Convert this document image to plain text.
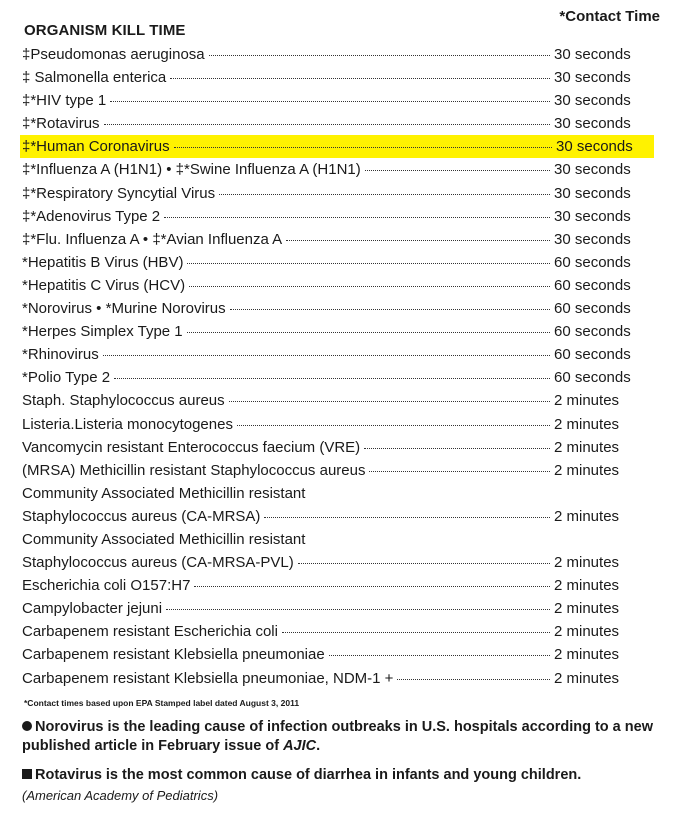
*Contact Time
ORGANISM KILL TIME
‡Pseudomonas aeruginosa	30 seconds
‡ Salmonella enterica	30 seconds
‡*HIV type 1	30 seconds
‡*Rotavirus	30 seconds
‡*Human Coronavirus	30 seconds
‡*Influenza A (H1N1) • ‡*Swine Influenza A (H1N1)	30 seconds
‡*Respiratory Syncytial Virus	30 seconds
‡*Adenovirus Type 2	30 seconds
‡*Flu. Influenza A • ‡*Avian Influenza A	30 seconds
*Hepatitis B Virus (HBV)	60 seconds
*Hepatitis C Virus (HCV)	60 seconds
*Norovirus • *Murine Norovirus	60 seconds
*Herpes Simplex Type 1	60 seconds
*Rhinovirus	60 seconds
*Polio Type 2	60 seconds
Staph. Staphylococcus aureus	2 minutes
Listeria.Listeria monocytogenes	2 minutes
Vancomycin resistant Enterococcus faecium (VRE)	2 minutes
(MRSA) Methicillin resistant Staphylococcus aureus	2 minutes
Community Associated Methicillin resistant
Staphylococcus aureus (CA-MRSA)	2 minutes
Community Associated Methicillin resistant
Staphylococcus aureus (CA-MRSA-PVL)	2 minutes
Escherichia coli O157:H7	2 minutes
Campylobacter jejuni	2 minutes
Carbapenem resistant Escherichia coli	2 minutes
Carbapenem resistant Klebsiella pneumoniae	2 minutes
Carbapenem resistant Klebsiella pneumoniae, NDM-1 +	2 minutes
*Contact times based upon EPA Stamped label dated August 3, 2011
Norovirus is the leading cause of infection outbreaks in U.S. hospitals according to a new published article in February issue of AJIC.
Rotavirus is the most common cause of diarrhea in infants and young children.
(American Academy of Pediatrics)
